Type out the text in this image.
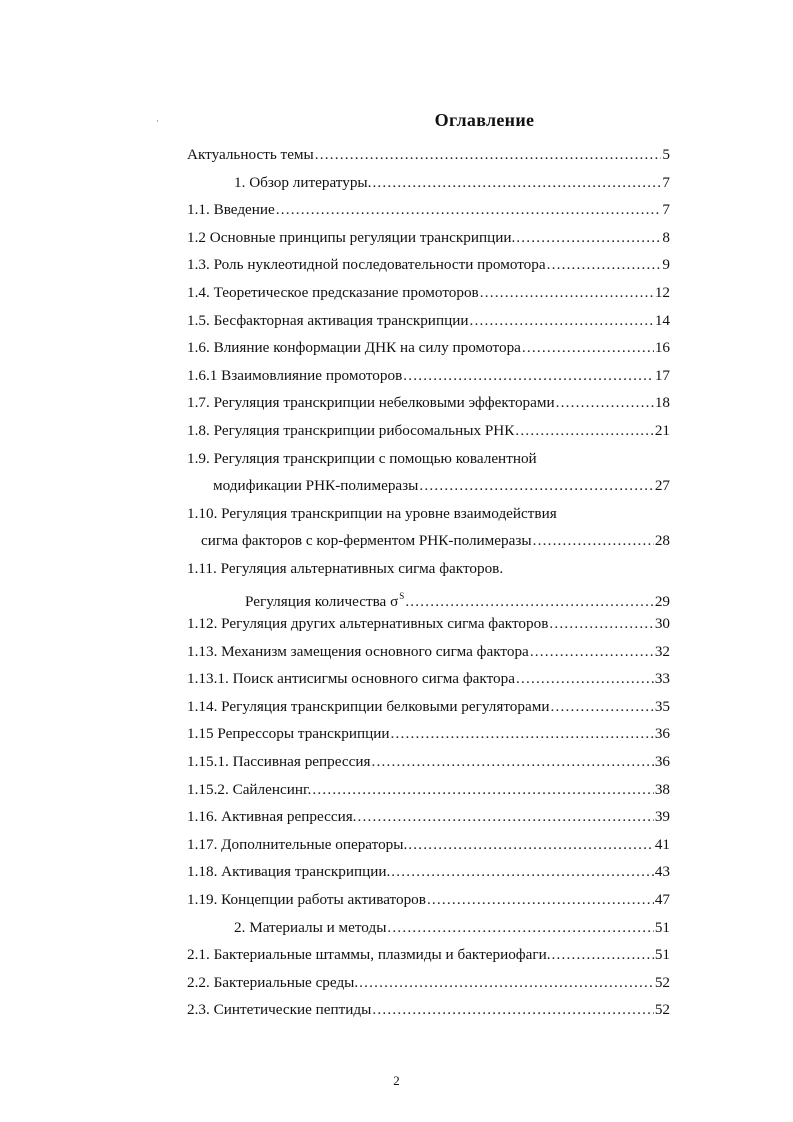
·	Оглавление
Актуальность темы .....	5
1. Обзор литературы. .....	7
1.1. Введение .....	7
1.2 Основные принципы регуляции транскрипции. .....	8
1.3. Роль нуклеотидной последовательности промотора .....	9
1.4. Теоретическое предсказание промоторов .....	12
1.5. Бесфакторная активация транскрипции .....	14
1.6. Влияние конформации ДНК на силу промотора .....	16
1.6.1 Взаимовлияние промоторов .....	17
1.7. Регуляция транскрипции небелковыми эффекторами .....	18
1.8. Регуляция транскрипции рибосомальных РНК .....	21
1.9. Регуляция транскрипции с помощью ковалентной
модификации РНК-полимеразы .....	27
1.10. Регуляция транскрипции на уровне взаимодействия
сигма факторов с кор-ферментом РНК-полимеразы .....	28
1.11. Регуляция альтернативных сигма факторов.
Регуляция количества $\sigma^S$ .....	29
1.12. Регуляция других альтернативных сигма факторов .....	30
1.13. Механизм замещения основного сигма фактора .....	32
1.13.1. Поиск антисигмы основного сигма фактора .....	33
1.14. Регуляция транскрипции белковыми регуляторами .....	35
1.15 Репрессоры транскрипции .....	36
1.15.1. Пассивная репрессия .....	36
1.15.2. Сайленсинг. .....	38
1.16. Активная репрессия. .....	39
1.17. Дополнительные операторы. .....	41
1.18. Активация транскрипции. .....	43
1.19. Концепции работы активаторов .....	47
2. Материалы и методы .....	51
2.1. Бактериальные штаммы, плазмиды и бактериофаги. .....	51
2.2. Бактериальные среды. .....	52
2.3. Синтетические пептиды .....	52
2
